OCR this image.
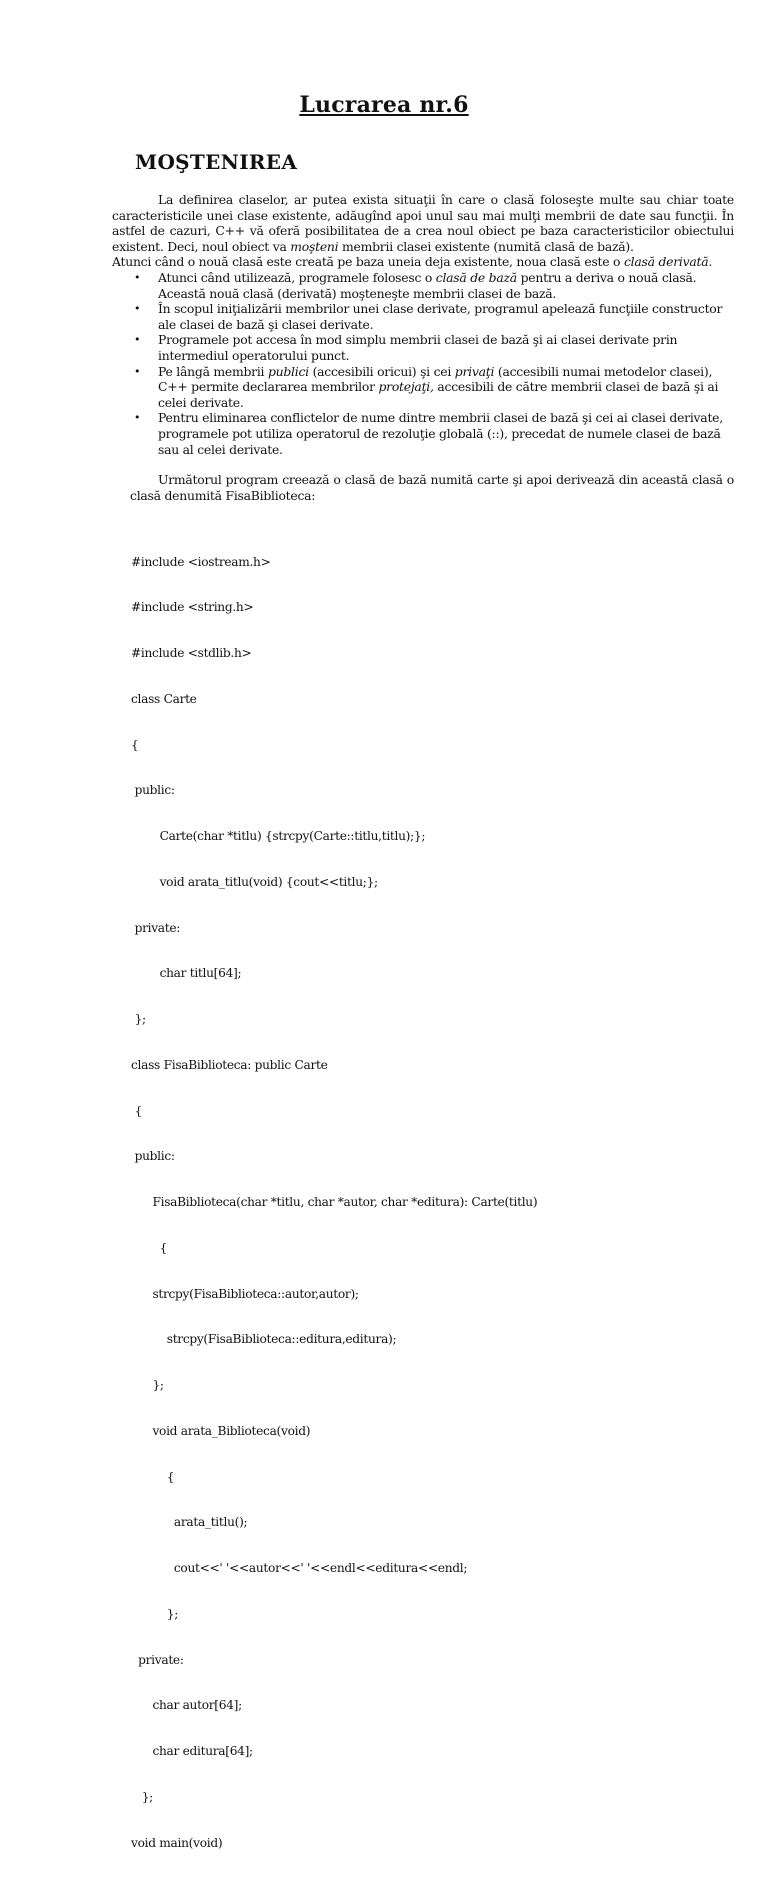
Lucrarea nr.6
MOŞTENIREA

La definirea claselor, ar putea exista situaţii în care o clasă foloseşte multe sau chiar toate caracteristicile unei clase existente, adăugînd apoi unul sau mai mulţi membrii de date sau funcţii. În astfel de cazuri, C++ vă oferă posibilitatea de a crea noul obiect pe baza caracteristicilor obiectului existent. Deci, noul obiect va moşteni membrii clasei existente (numită clasă de bază).
Atunci când o nouă clasă este creată pe baza uneia deja existente, noua clasă este o clasă derivată.

• Atunci când utilizează, programele folosesc o clasă de bază pentru a deriva o nouă clasă. Această nouă clasă (derivată) moşteneşte membrii clasei de bază.
• În scopul iniţializării membrilor unei clase derivate, programul apelează funcţiile constructor ale clasei de bază şi clasei derivate.
• Programele pot accesa în mod simplu membrii clasei de bază şi ai clasei derivate prin intermediul operatorului punct.
• Pe lângă membrii publici (accesibili oricui) şi cei privaţi (accesibili numai metodelor clasei), C++ permite declararea membrilor protejaţi, accesibili de către membrii clasei de bază şi ai celei derivate.
• Pentru eliminarea conflictelor de nume dintre membrii clasei de bază şi cei ai clasei derivate, programele pot utiliza operatorul de rezoluţie globală (::), precedat de numele clasei de bază sau al celei derivate.

Următorul program creează o clasă de bază numită carte şi apoi derivează din această clasă o clasă denumită FisaBiblioteca:

#include <iostream.h>

#include <string.h>

#include <stdlib.h>

class Carte

{

public:

Carte(char *titlu) {strcpy(Carte::titlu,titlu);};

void arata_titlu(void) {cout<<titlu;};

private:

char titlu[64];

};

class FisaBiblioteca: public Carte

{

public:

FisaBiblioteca(char *titlu, char *autor, char *editura): Carte(titlu)

{

strcpy(FisaBiblioteca::autor,autor);

strcpy(FisaBiblioteca::editura,editura);

};

void arata_Biblioteca(void)

{

arata_titlu();

cout<<' '<<autor<<' '<<endl<<editura<<endl;

};

private:

char autor[64];

char editura[64];

};

void main(void)
